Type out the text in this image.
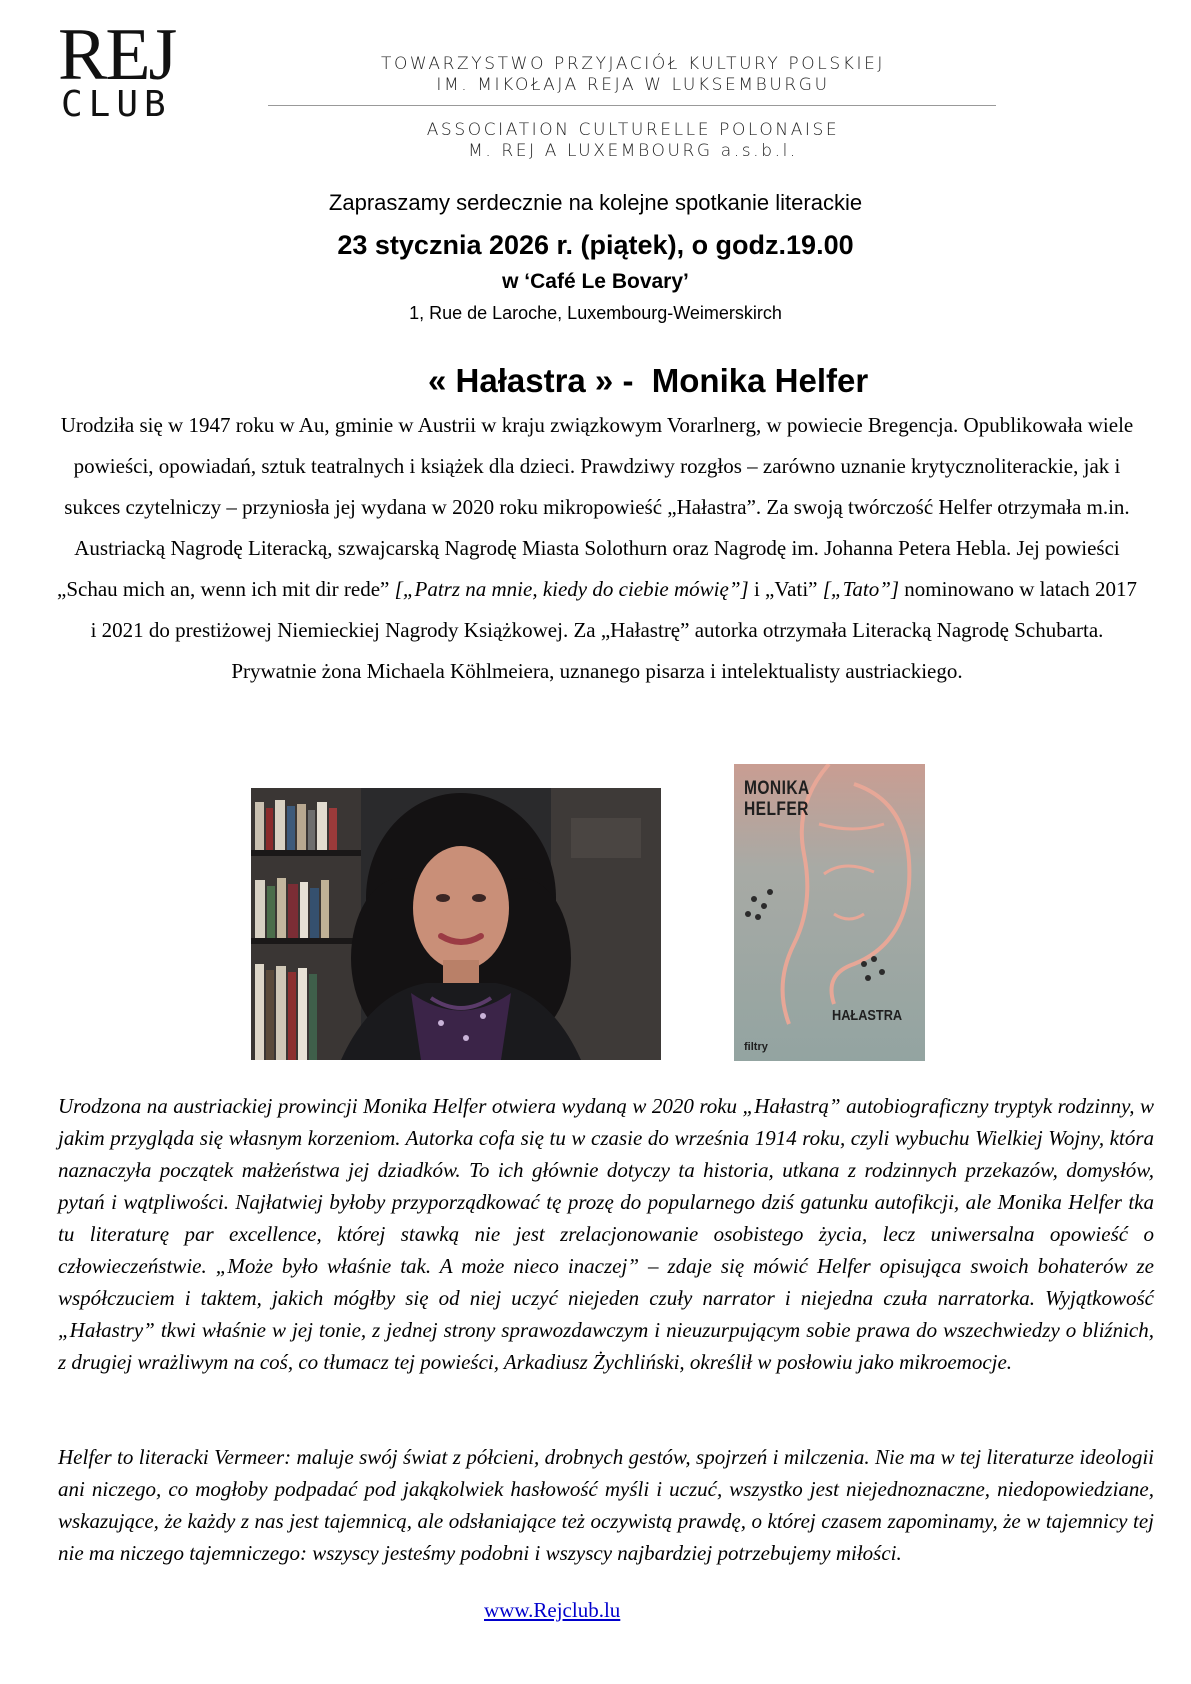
REJ
CLUB
TOWARZYSTWO PRZYJACIÓŁ KULTURY POLSKIEJ
IM. MIKOŁAJA REJA W LUKSEMBURGU
ASSOCIATION CULTURELLE POLONAISE
M. REJ A LUXEMBOURG a.s.b.l.
Zapraszamy serdecznie na kolejne spotkanie literackie
23 stycznia 2026 r. (piątek), o godz.19.00
w ‘Café Le Bovary’
1, Rue de Laroche, Luxembourg-Weimerskirch
« Hałastra » -  Monika Helfer
Urodziła się w 1947 roku w Au, gminie w Austrii w kraju związkowym Vorarlnerg, w powiecie Bregencja. Opublikowała wiele powieści, opowiadań, sztuk teatralnych i książek dla dzieci. Prawdziwy rozgłos – zarówno uznanie krytycznoliterackie, jak i sukces czytelniczy – przyniosła jej wydana w 2020 roku mikropowieść „Hałastra”. Za swoją twórczość Helfer otrzymała m.in. Austriacką Nagrodę Literacką, szwajcarską Nagrodę Miasta Solothurn oraz Nagrodę im. Johanna Petera Hebla. Jej powieści „Schau mich an, wenn ich mit dir rede” [„Patrz na mnie, kiedy do ciebie mówię”] i „Vati” [„Tato”] nominowano w latach 2017 i 2021 do prestiżowej Niemieckiej Nagrody Książkowej. Za „Hałastrę” autorka otrzymała Literacką Nagrodę Schubarta. Prywatnie żona Michaela Köhlmeiera, uznanego pisarza i intelektualisty austriackiego.
MONIKA
HELFER
HAŁASTRA
filtry
Urodzona na austriackiej prowincji Monika Helfer otwiera wydaną w 2020 roku „Hałastrą” autobiograficzny tryptyk rodzinny, w jakim przygląda się własnym korzeniom. Autorka cofa się tu w czasie do września 1914 roku, czyli wybuchu Wielkiej Wojny, która naznaczyła początek małżeństwa jej dziadków. To ich głównie dotyczy ta historia, utkana z rodzinnych przekazów, domysłów, pytań i wątpliwości. Najłatwiej byłoby przyporządkować tę prozę do popularnego dziś gatunku autofikcji, ale Monika Helfer tka tu literaturę par excellence, której stawką nie jest zrelacjonowanie osobistego życia, lecz uniwersalna opowieść o człowieczeństwie. „Może było właśnie tak. A może nieco inaczej” – zdaje się mówić Helfer opisująca swoich bohaterów ze współczuciem i taktem, jakich mógłby się od niej uczyć niejeden czuły narrator i niejedna czuła narratorka. Wyjątkowość „Hałastry” tkwi właśnie w jej tonie, z jednej strony sprawozdawczym i nieuzurpującym sobie prawa do wszechwiedzy o bliźnich, z drugiej wrażliwym na coś, co tłumacz tej powieści, Arkadiusz Żychliński, określił w posłowiu jako mikroemocje.
Helfer to literacki Vermeer: maluje swój świat z półcieni, drobnych gestów, spojrzeń i milczenia. Nie ma w tej literaturze ideologii ani niczego, co mogłoby podpadać pod jakąkolwiek hasłowość myśli i uczuć, wszystko jest niejednoznaczne, niedopowiedziane, wskazujące, że każdy z nas jest tajemnicą, ale odsłaniające też oczywistą prawdę, o której czasem zapominamy, że w tajemnicy tej nie ma niczego tajemniczego: wszyscy jesteśmy podobni i wszyscy najbardziej potrzebujemy miłości.
www.Rejclub.lu
